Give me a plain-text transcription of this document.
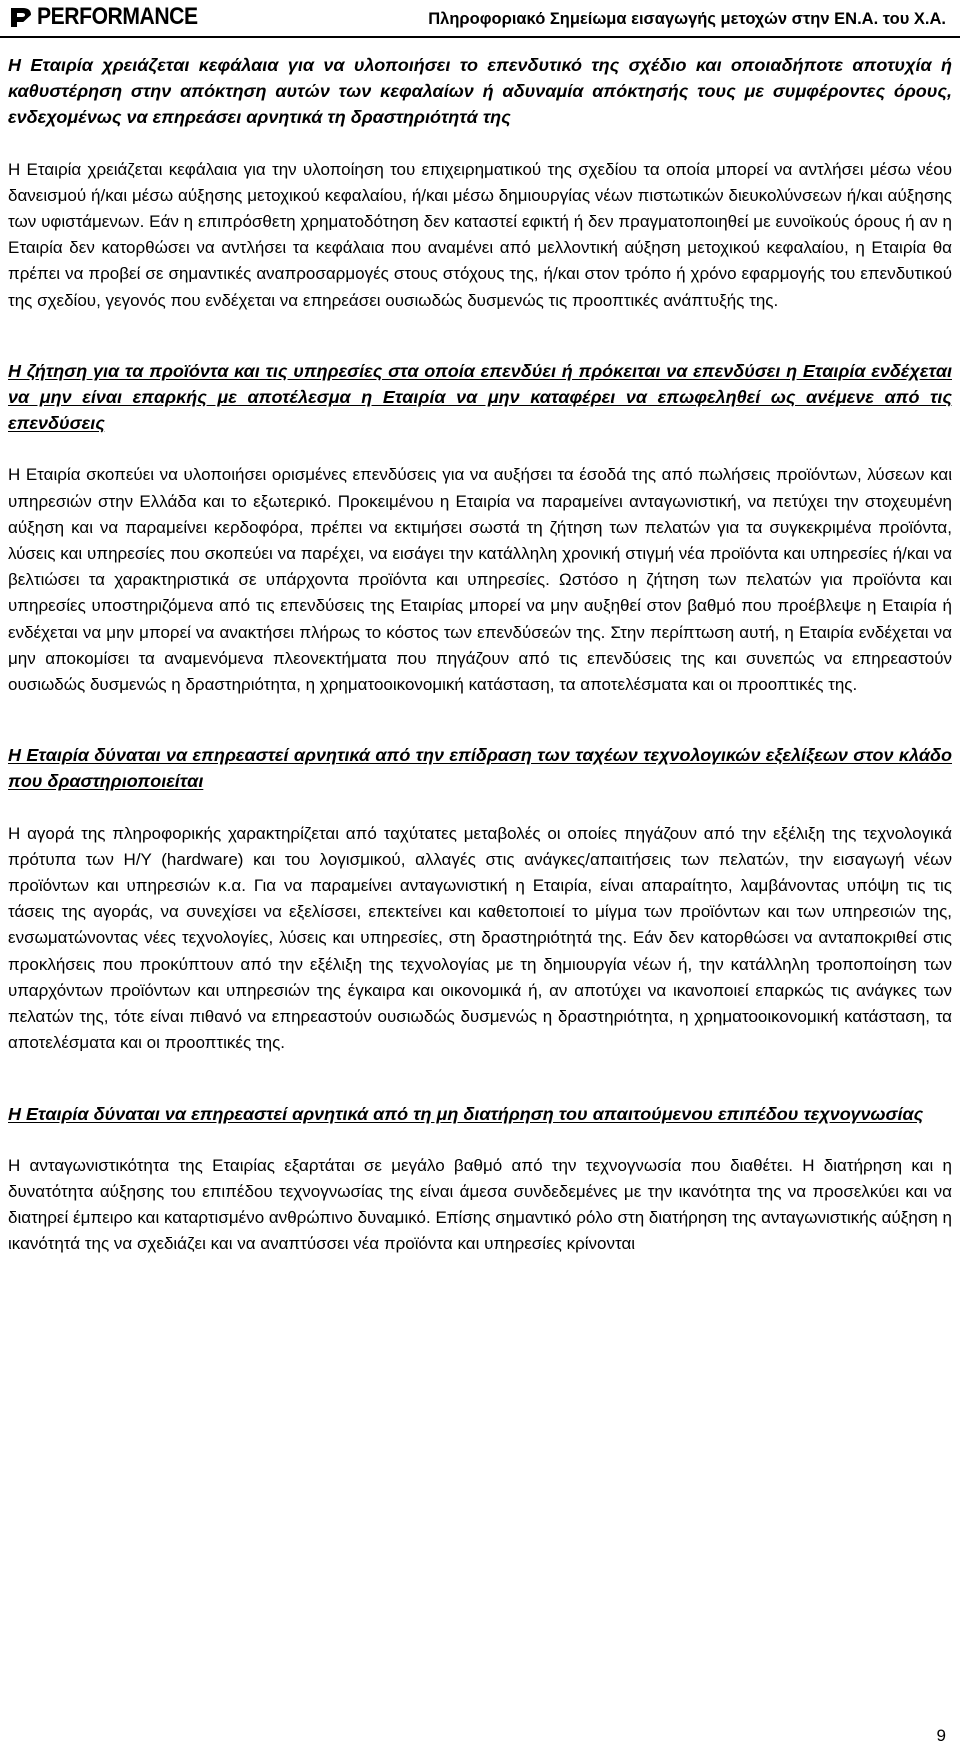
PERFORMANCE	Πληροφοριακό Σημείωμα εισαγωγής μετοχών στην ΕΝ.Α. του Χ.Α.

Η Εταιρία χρειάζεται κεφάλαια για να υλοποιήσει το επενδυτικό της σχέδιο και οποιαδήποτε αποτυχία ή καθυστέρηση στην απόκτηση αυτών των κεφαλαίων ή αδυναμία απόκτησής τους με συμφέροντες όρους, ενδεχομένως να επηρεάσει αρνητικά τη δραστηριότητά της

Η Εταιρία χρειάζεται κεφάλαια για την υλοποίηση του επιχειρηματικού της σχεδίου τα οποία μπορεί να αντλήσει μέσω νέου δανεισμού ή/και μέσω αύξησης μετοχικού κεφαλαίου, ή/και μέσω δημιουργίας νέων πιστωτικών διευκολύνσεων ή/και αύξησης των υφιστάμενων. Εάν η επιπρόσθετη χρηματοδότηση δεν καταστεί εφικτή ή δεν πραγματοποιηθεί με ευνοϊκούς όρους ή αν η Εταιρία δεν κατορθώσει να αντλήσει τα κεφάλαια που αναμένει από μελλοντική αύξηση μετοχικού κεφαλαίου, η Εταιρία θα πρέπει να προβεί σε σημαντικές αναπροσαρμογές στους στόχους της, ή/και στον τρόπο ή χρόνο εφαρμογής του επενδυτικού της σχεδίου, γεγονός που ενδέχεται να επηρεάσει ουσιωδώς δυσμενώς τις προοπτικές ανάπτυξής της.

Η ζήτηση για τα προϊόντα και τις υπηρεσίες στα οποία επενδύει ή πρόκειται να επενδύσει η Εταιρία ενδέχεται να μην είναι επαρκής με αποτέλεσμα η Εταιρία να μην καταφέρει να επωφεληθεί ως ανέμενε από τις επενδύσεις

Η Εταιρία σκοπεύει να υλοποιήσει ορισμένες επενδύσεις για να αυξήσει τα έσοδά της από πωλήσεις προϊόντων, λύσεων και υπηρεσιών στην Ελλάδα και το εξωτερικό. Προκειμένου η Εταιρία να παραμείνει ανταγωνιστική, να πετύχει την στοχευμένη αύξηση και να παραμείνει κερδοφόρα, πρέπει να εκτιμήσει σωστά τη ζήτηση των πελατών για τα συγκεκριμένα προϊόντα, λύσεις και υπηρεσίες που σκοπεύει να παρέχει, να εισάγει την κατάλληλη χρονική στιγμή νέα προϊόντα και υπηρεσίες ή/και να βελτιώσει τα χαρακτηριστικά σε υπάρχοντα προϊόντα και υπηρεσίες. Ωστόσο η ζήτηση των πελατών για προϊόντα και υπηρεσίες υποστηριζόμενα από τις επενδύσεις της Εταιρίας μπορεί να μην αυξηθεί στον βαθμό που προέβλεψε η Εταιρία ή ενδέχεται να μην μπορεί να ανακτήσει πλήρως το κόστος των επενδύσεών της. Στην περίπτωση αυτή, η Εταιρία ενδέχεται να μην αποκομίσει τα αναμενόμενα πλεονεκτήματα που πηγάζουν από τις επενδύσεις της και συνεπώς να επηρεαστούν ουσιωδώς δυσμενώς η δραστηριότητα, η χρηματοοικονομική κατάσταση, τα αποτελέσματα και οι προοπτικές της.

Η Εταιρία δύναται να επηρεαστεί αρνητικά από την επίδραση των ταχέων τεχνολογικών εξελίξεων στον κλάδο που δραστηριοποιείται

Η αγορά της πληροφορικής χαρακτηρίζεται από ταχύτατες μεταβολές οι οποίες πηγάζουν από την εξέλιξη της τεχνολογικά πρότυπα των Η/Υ (hardware) και του λογισμικού, αλλαγές στις ανάγκες/απαιτήσεις των πελατών, την εισαγωγή νέων προϊόντων και υπηρεσιών κ.α. Για να παραμείνει ανταγωνιστική η Εταιρία, είναι απαραίτητο, λαμβάνοντας υπόψη τις τις τάσεις της αγοράς, να συνεχίσει να εξελίσσει, επεκτείνει και καθετοποιεί το μίγμα των προϊόντων και των υπηρεσιών της, ενσωματώνοντας νέες τεχνολογίες, λύσεις και υπηρεσίες, στη δραστηριότητά της. Εάν δεν κατορθώσει να ανταποκριθεί στις προκλήσεις που προκύπτουν από την εξέλιξη της τεχνολογίας με τη δημιουργία νέων ή, την κατάλληλη τροποποίηση των υπαρχόντων προϊόντων και υπηρεσιών της έγκαιρα και οικονομικά ή, αν αποτύχει να ικανοποιεί επαρκώς τις ανάγκες των πελατών της, τότε είναι πιθανό να επηρεαστούν ουσιωδώς δυσμενώς η δραστηριότητα, η χρηματοοικονομική κατάσταση, τα αποτελέσματα και οι προοπτικές της.

Η Εταιρία δύναται να επηρεαστεί αρνητικά από τη μη διατήρηση του απαιτούμενου επιπέδου τεχνογνωσίας

Η ανταγωνιστικότητα της Εταιρίας εξαρτάται σε μεγάλο βαθμό από την τεχνογνωσία που διαθέτει. Η διατήρηση και η δυνατότητα αύξησης του επιπέδου τεχνογνωσίας της είναι άμεσα συνδεδεμένες με την ικανότητα της να προσελκύει και να διατηρεί έμπειρο και καταρτισμένο ανθρώπινο δυναμικό. Επίσης σημαντικό ρόλο στη διατήρηση της ανταγωνιστικής αύξηση η ικανότητά της να σχεδιάζει και να αναπτύσσει νέα προϊόντα και υπηρεσίες κρίνονται

9
